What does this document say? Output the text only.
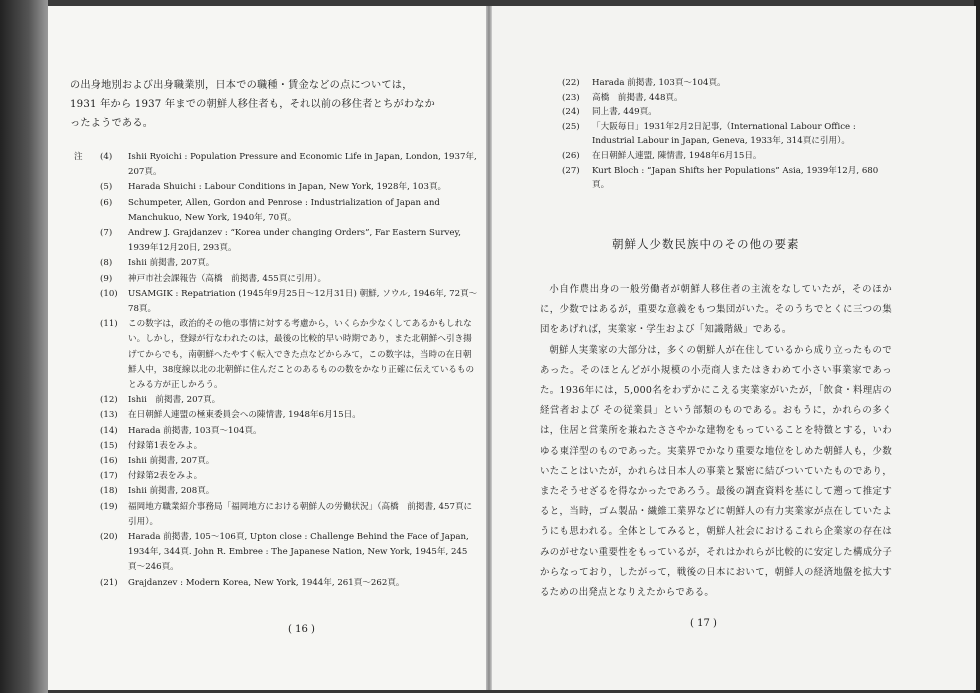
の出身地別および出身職業別，日本での職種・賃金などの点については，

1931 年から 1937 年までの朝鮮人移住者も，それ以前の移住者とちがわなか

ったようである。

注 (4)	Ishii Ryoichi : Population Pressure and Economic Life in Japan, London, 1937年, 207頁。
(5)	Harada Shuichi : Labour Conditions in Japan, New York, 1928年, 103頁。
(6)	Schumpeter, Allen, Gordon and Penrose : Industrialization of Japan and Manchukuo, New York, 1940年, 70頁。
(7)	Andrew J. Grajdanzev : “Korea under changing Orders”, Far Eastern Survey, 1939年12月20日, 293頁。
(8)	Ishii 前掲書, 207頁。
(9)	神戸市社会課報告（高橋　前掲書, 455頁に引用）。
(10)	USAMGIK : Repatriation (1945年9月25日〜12月31日) 朝鮮, ソウル, 1946年, 72頁〜78頁。
(11)	この数字は，政治的その他の事情に対する考慮から，いくらか少なくしてあるかもしれない。しかし，登録が行なわれたのは，最後の比較的早い時期であり，また北朝鮮へ引き揚げてからでも，南朝鮮へたやすく転入できた点などからみて，この数字は，当時の在日朝鮮人中，38度線以北の北朝鮮に住んだことのあるものの数をかなり正確に伝えているものとみる方が正しかろう。
(12)	Ishii　前掲書, 207頁。
(13)	在日朝鮮人連盟の極東委員会への陳情書, 1948年6月15日。
(14)	Harada 前掲書, 103頁〜104頁。
(15)	付録第1表をみよ。
(16)	Ishii 前掲書, 207頁。
(17)	付録第2表をみよ。
(18)	Ishii 前掲書, 208頁。
(19)	福岡地方職業紹介事務局「福岡地方における朝鮮人の労働状況」（高橋　前掲書, 457頁に引用）。
(20)	Harada 前掲書, 105〜106頁, Upton close : Challenge Behind the Face of Japan, 1934年, 344頁. John R. Embree : The Japanese Nation, New York, 1945年, 245頁〜246頁。
(21)	Grajdanzev : Modern Korea, New York, 1944年, 261頁〜262頁。
( 16 )
(22)	Harada 前掲書, 103頁〜104頁。
(23)	高橋　前掲書, 448頁。
(24)	同上書, 449頁。
(25)	「大阪毎日」1931年2月2日記事,（International Labour Office : Industrial Labour in Japan, Geneva, 1933年, 314頁に引用）。
(26)	在日朝鮮人連盟, 陳情書, 1948年6月15日。
(27)	Kurt Bloch : “Japan Shifts her Populations” Asia, 1939年12月, 680頁。
朝鮮人少数民族中のその他の要素

小自作農出身の一般労働者が朝鮮人移住者の主流をなしていたが，そのほかに，少数ではあるが，重要な意義をもつ集団がいた。そのうちでとくに三つの集団をあげれば，実業家・学生および「知識階級」である。

朝鮮人実業家の大部分は，多くの朝鮮人が在住しているから成り立ったものであった。そのほとんどが小規模の小売商人またはきわめて小さい事業家であった。1936年には，5,000名をわずかにこえる実業家がいたが，「飲食・料理店の経営者および その従業員」という部類のものである。おもうに，かれらの多くは，住居と営業所を兼ねたささやかな建物をもっていることを特徴とする，いわゆる東洋型のものであった。実業界でかなり重要な地位をしめた朝鮮人も，少数いたことはいたが，かれらは日本人の事業と緊密に結びついていたものであり，またそうせざるを得なかったであろう。最後の調査資料を基にして遡って推定すると，当時，ゴム製品・繊維工業界などに朝鮮人の有力実業家が点在していたようにも思われる。全体としてみると，朝鮮人社会におけるこれら企業家の存在はみのがせない重要性をもっているが，それはかれらが比較的に安定した構成分子からなっており，したがって，戦後の日本において，朝鮮人の経済地盤を拡大するための出発点となりえたからである。

( 17 )
